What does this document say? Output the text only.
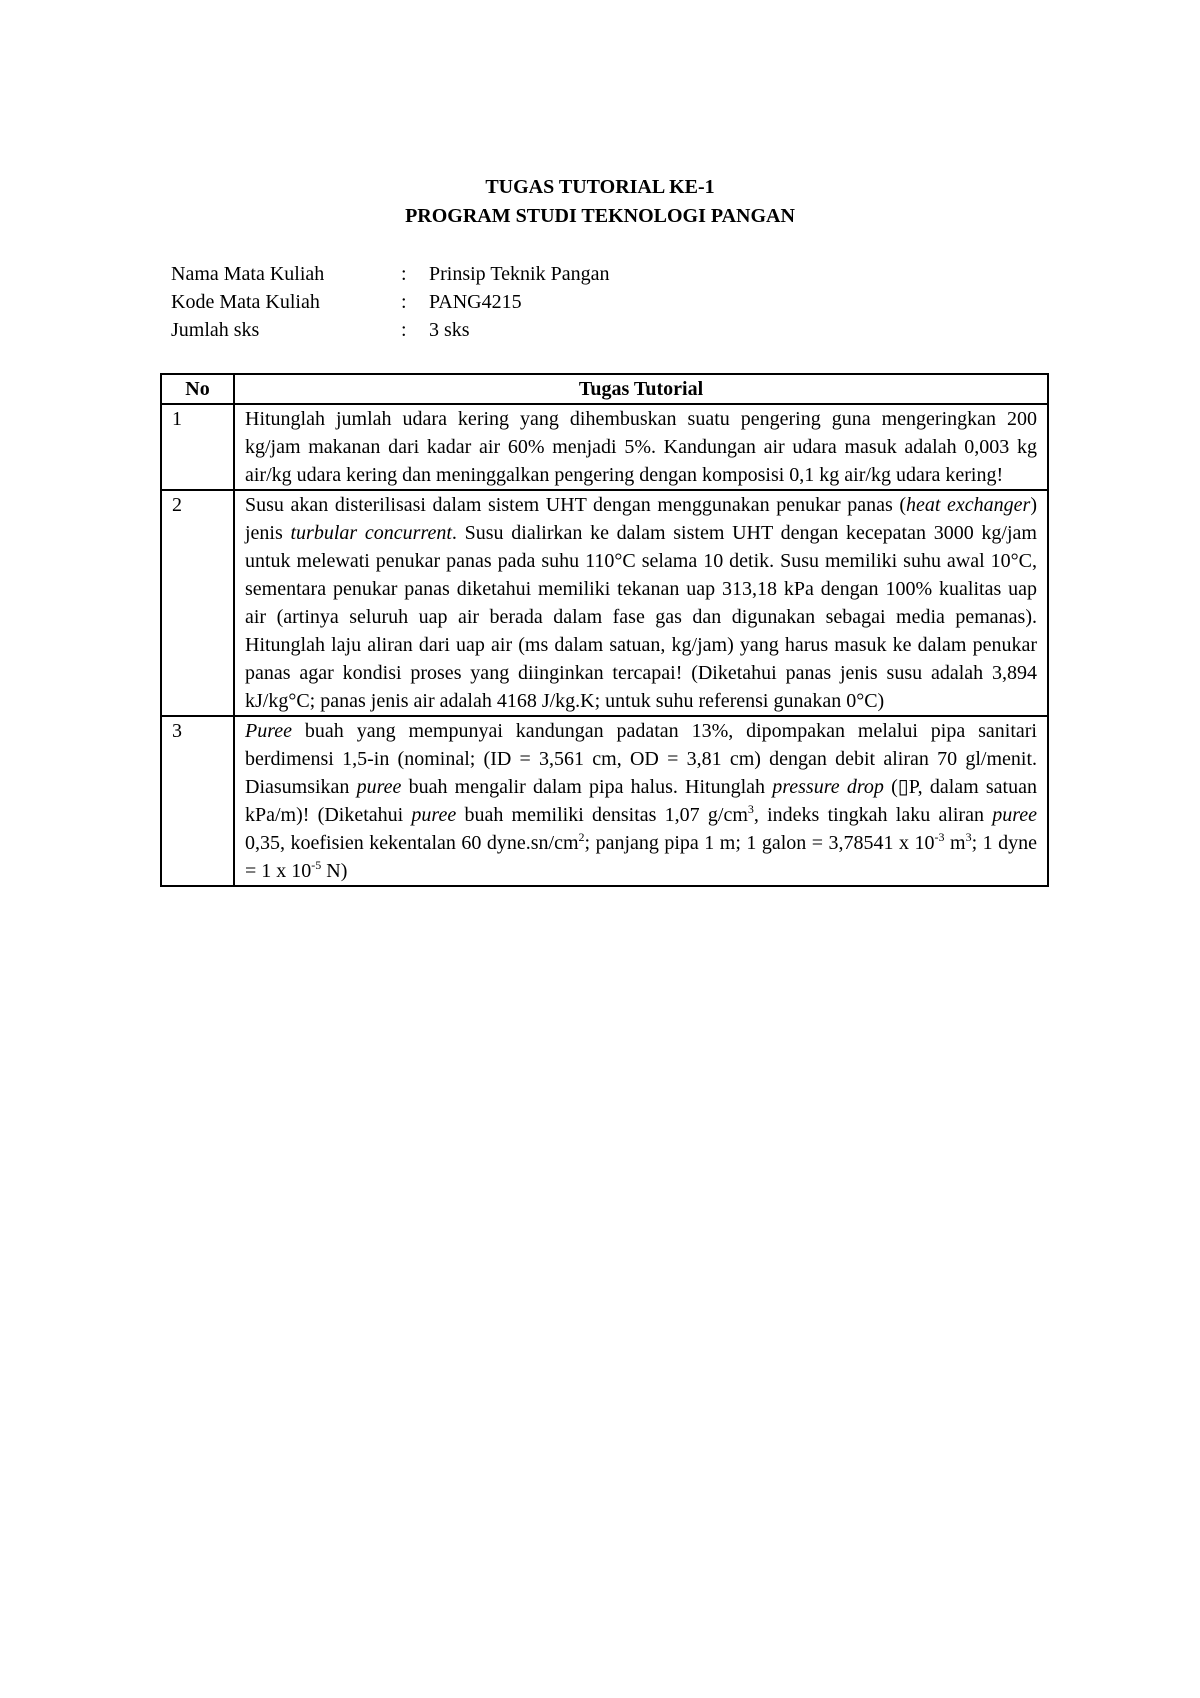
TUGAS TUTORIAL KE-1
PROGRAM STUDI TEKNOLOGI PANGAN
Nama Mata Kuliah	:	Prinsip Teknik Pangan
Kode Mata Kuliah	:	PANG4215
Jumlah sks	:	3 sks
No	Tugas Tutorial
1	Hitunglah jumlah udara kering yang dihembuskan suatu pengering guna mengeringkan 200 kg/jam makanan dari kadar air 60% menjadi 5%. Kandungan air udara masuk adalah 0,003 kg air/kg udara kering dan meninggalkan pengering dengan komposisi 0,1 kg air/kg udara kering!
2	Susu akan disterilisasi dalam sistem UHT dengan menggunakan penukar panas (heat exchanger) jenis turbular concurrent. Susu dialirkan ke dalam sistem UHT dengan kecepatan 3000 kg/jam untuk melewati penukar panas pada suhu 110°C selama 10 detik. Susu memiliki suhu awal 10°C, sementara penukar panas diketahui memiliki tekanan uap 313,18 kPa dengan 100% kualitas uap air (artinya seluruh uap air berada dalam fase gas dan digunakan sebagai media pemanas). Hitunglah laju aliran dari uap air (ms dalam satuan, kg/jam) yang harus masuk ke dalam penukar panas agar kondisi proses yang diinginkan tercapai! (Diketahui panas jenis susu adalah 3,894 kJ/kg°C; panas jenis air adalah 4168 J/kg.K; untuk suhu referensi gunakan 0°C)
3	Puree buah yang mempunyai kandungan padatan 13%, dipompakan melalui pipa sanitari berdimensi 1,5-in (nominal; (ID = 3,561 cm, OD = 3,81 cm) dengan debit aliran 70 gl/menit. Diasumsikan puree buah mengalir dalam pipa halus. Hitunglah pressure drop (▯P, dalam satuan kPa/m)! (Diketahui puree buah memiliki densitas 1,07 $g/cm^3$, indeks tingkah laku aliran puree 0,35, koefisien kekentalan 60 $dyne.sn/cm^2$; panjang pipa 1 m; 1 galon = 3,78541 x $10^{-3}$ $m^3$; 1 dyne = 1 x $10^{-5}$ N)
